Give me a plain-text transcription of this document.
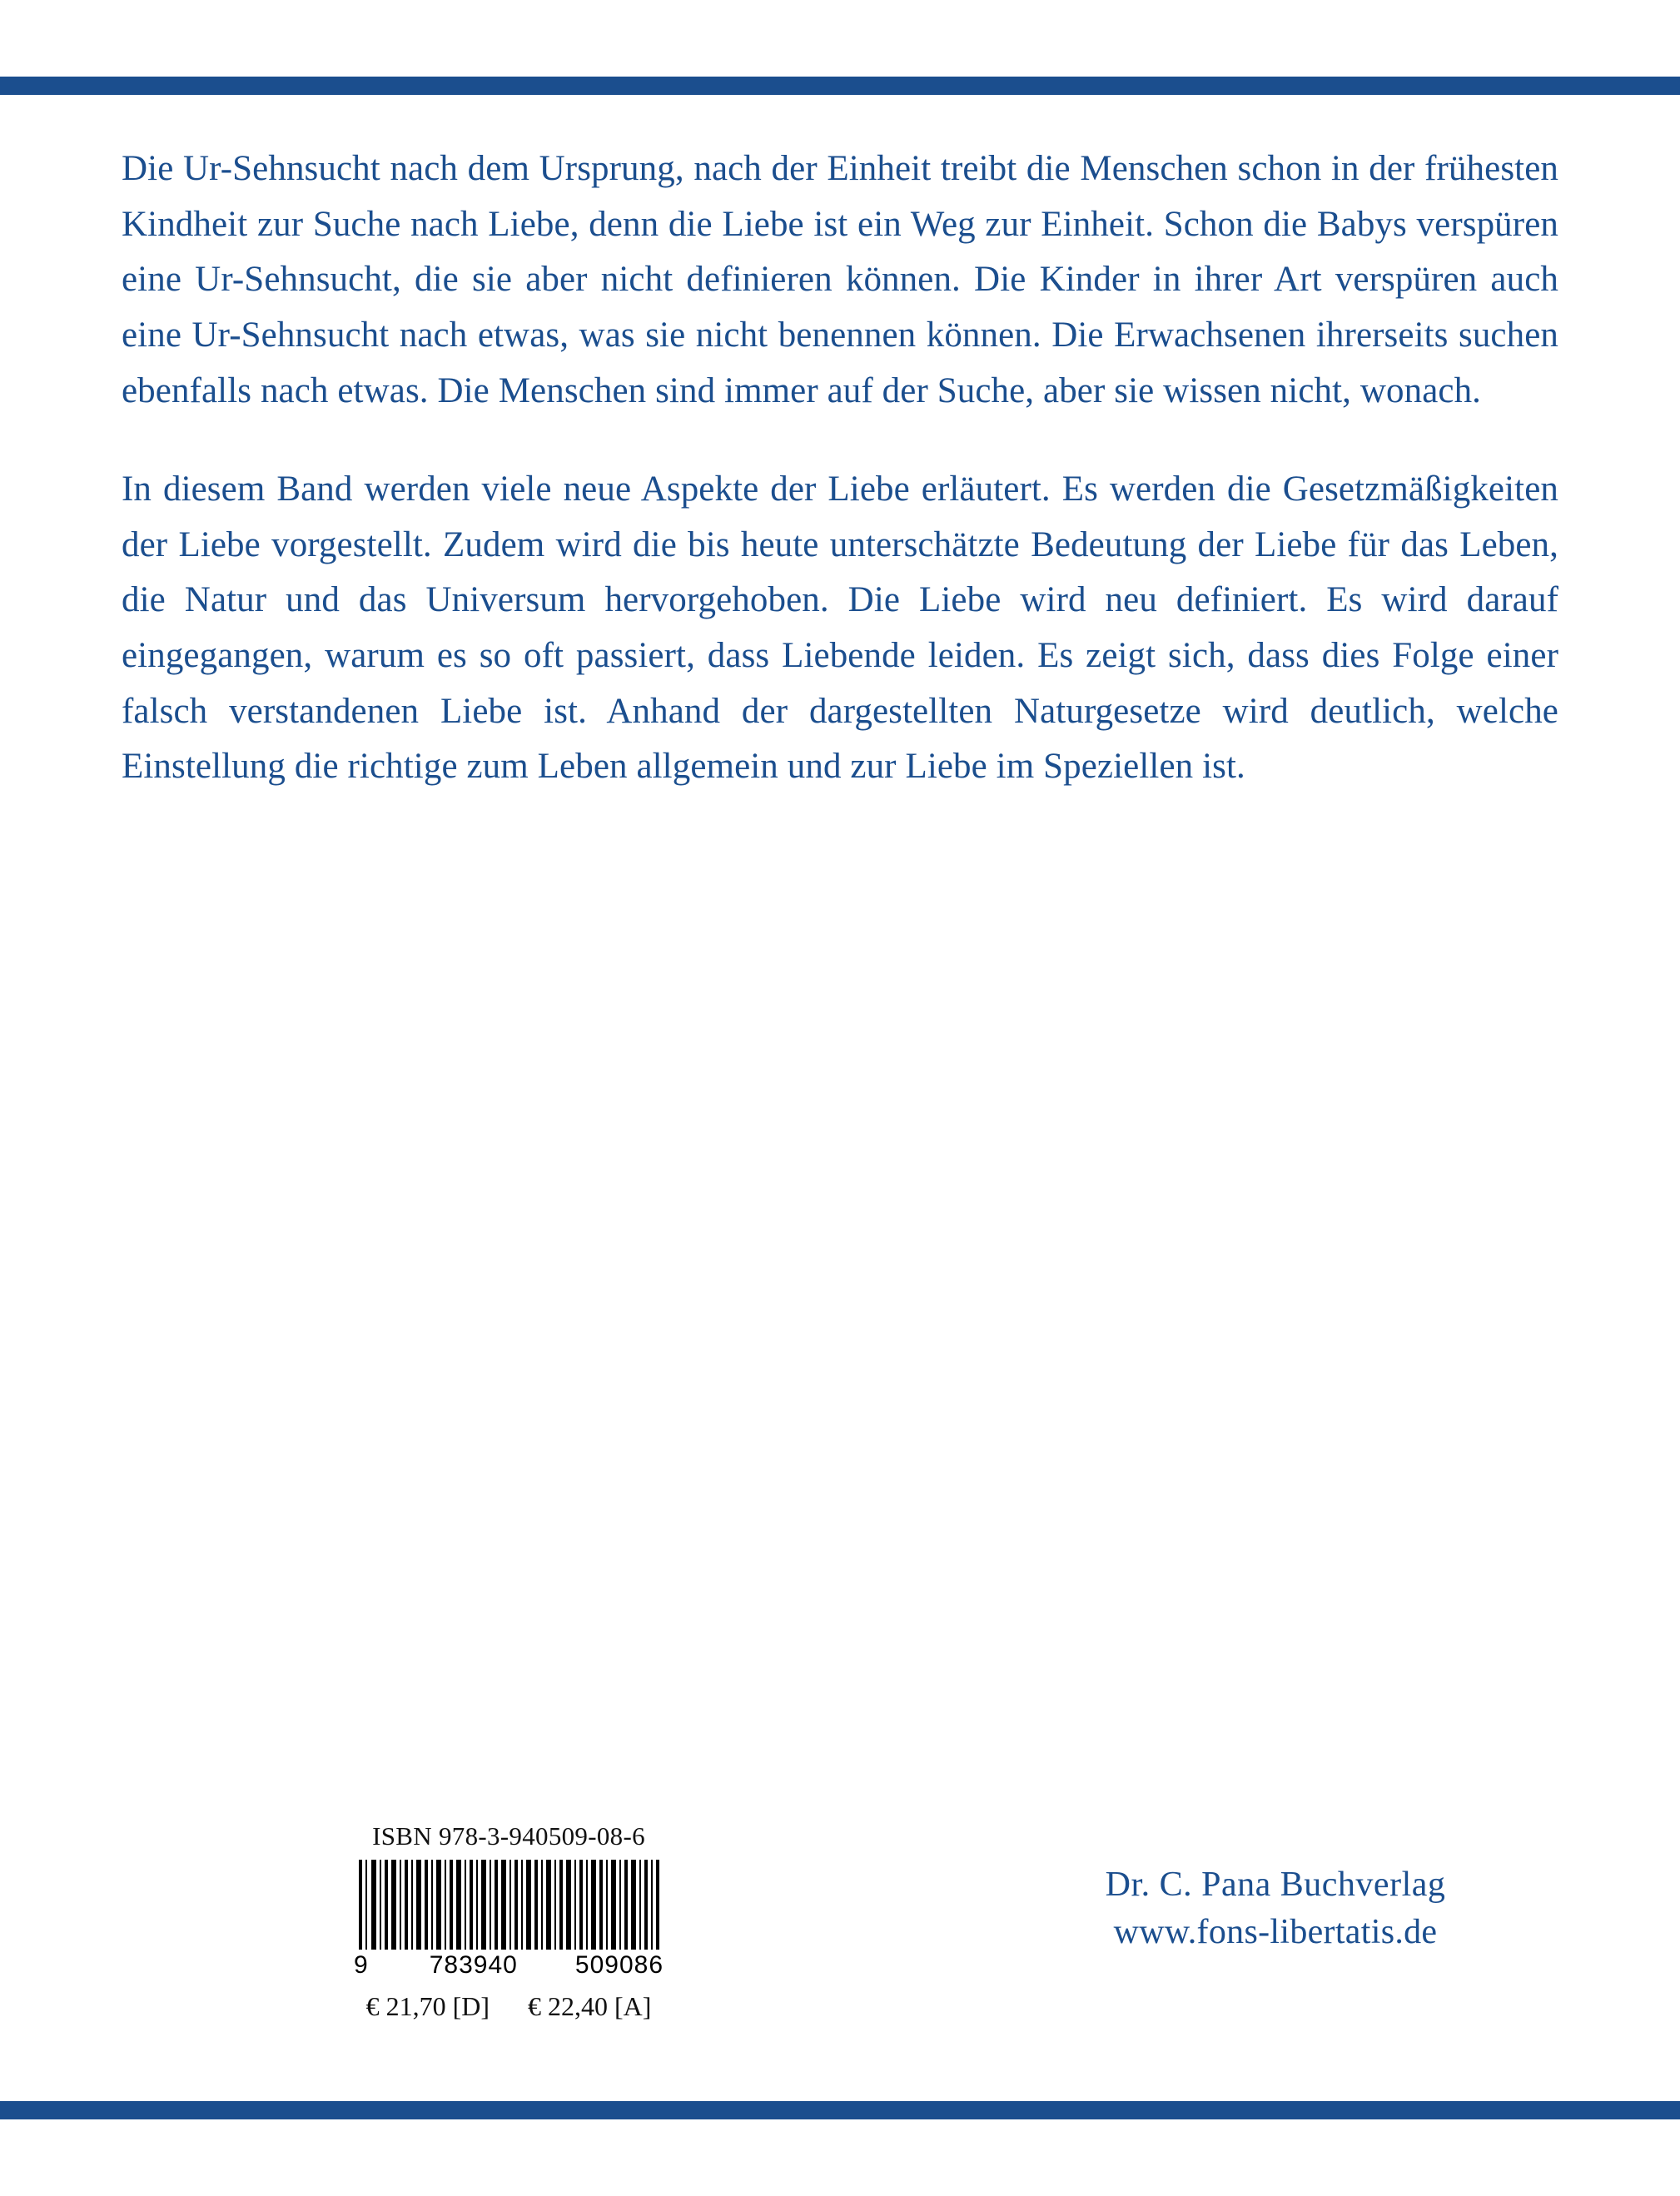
Die Ur-Sehnsucht nach dem Ursprung, nach der Einheit treibt die Menschen schon in der frühesten Kindheit zur Suche nach Liebe, denn die Liebe ist ein Weg zur Einheit. Schon die Babys verspüren eine Ur-Sehnsucht, die sie aber nicht definieren können. Die Kinder in ihrer Art verspüren auch eine Ur-Sehnsucht nach etwas, was sie nicht benennen können. Die Erwachsenen ihrerseits suchen ebenfalls nach etwas. Die Menschen sind immer auf der Suche, aber sie wissen nicht, wonach.

In diesem Band werden viele neue Aspekte der Liebe erläutert. Es werden die Gesetzmäßigkeiten der Liebe vorgestellt. Zudem wird die bis heute unterschätzte Bedeutung der Liebe für das Leben, die Natur und das Universum hervorgehoben. Die Liebe wird neu definiert. Es wird darauf eingegangen, warum es so oft passiert, dass Liebende leiden. Es zeigt sich, dass dies Folge einer falsch verstandenen Liebe ist. Anhand der dargestellten Naturgesetze wird deutlich, welche Einstellung die richtige zum Leben allgemein und zur Liebe im Speziellen ist.

ISBN 978-3-940509-08-6
9 783940 509086
€ 21,70 [D] € 22,40 [A]
Dr. C. Pana Buchverlag
www.fons-libertatis.de
